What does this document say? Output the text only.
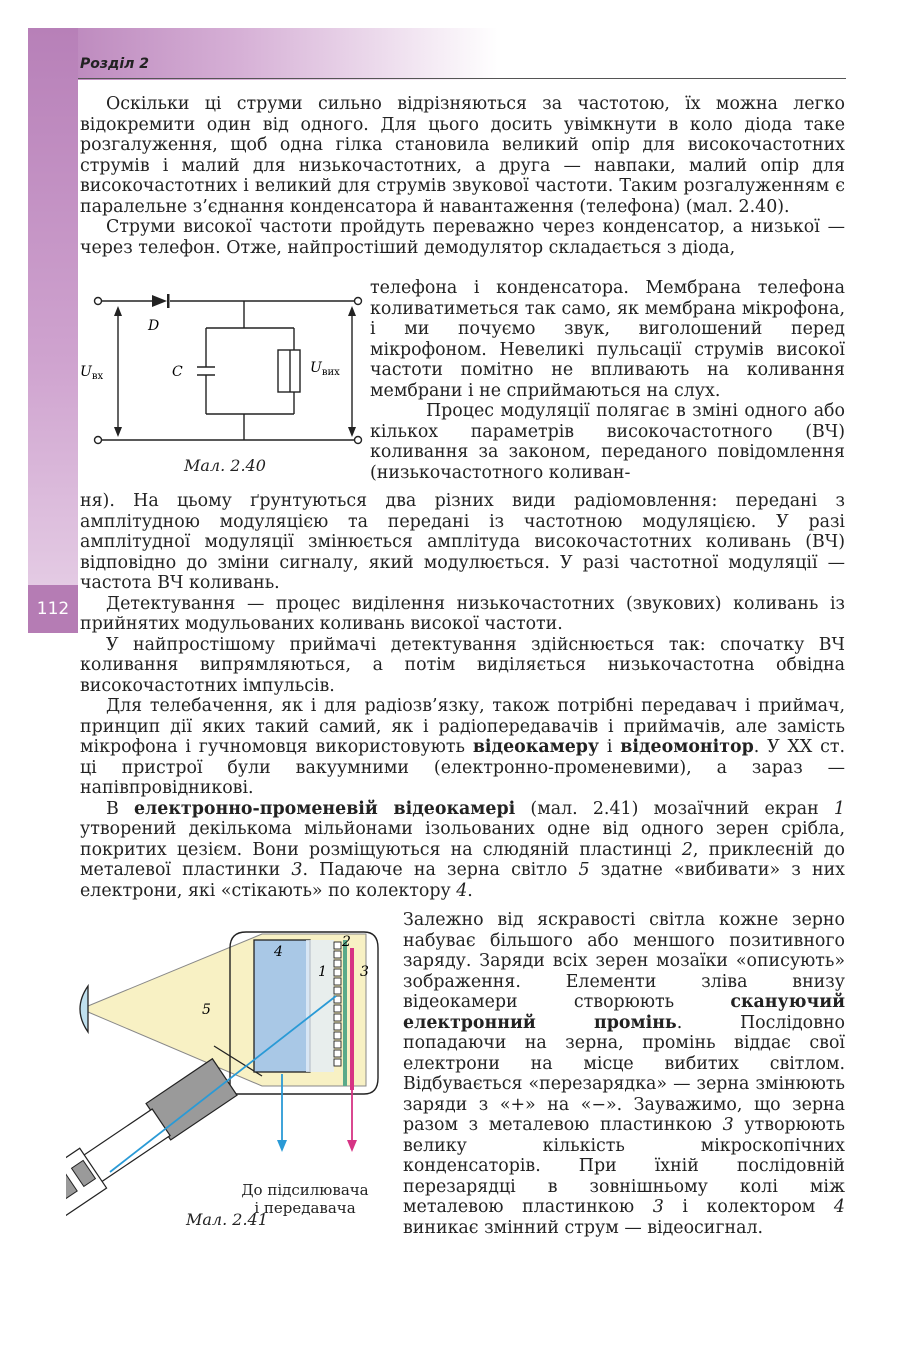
112
Розділ 2

Оскільки ці струми сильно відрізняються за частотою, їх можна легко відокремити один від одного. Для цього досить увімкнути в коло діода таке розгалуження, щоб одна гілка становила великий опір для високочастотних струмів і малий для низькочастотних, а друга — навпаки, малий опір для високочастотних і великий для струмів звукової частоти. Таким розгалуженням є паралельне з’єднання конденсатора й навантаження (телефона) (мал. 2.40).

Струми високої частоти пройдуть переважно через конденсатор, а низької — через телефон. Отже, найпростіший демодулятор складається з діода,

D
C
$U_{вх}$
$U_{вих}$
Мал. 2.40

телефона і конденсатора. Мембрана телефона коливатиметься так само, як мембрана мікрофона, і ми почуємо звук, виголошений перед мікрофоном. Невеликі пульсації струмів високої частоти помітно не впливають на коливання мембрани і не сприймаються на слух.

Процес модуляції полягає в зміні одного або кількох параметрів високочастотного (ВЧ) коливання за законом, переданого повідомлення (низькочастотного коливан-

ня). На цьому ґрунтуються два різних види радіомовлення: передані з амплітудною модуляцією та передані із частотною модуляцією. У разі амплітудної модуляції змінюється амплітуда високочастотних коливань (ВЧ) відповідно до зміни сигналу, який модулюється. У разі частотної модуляції — частота ВЧ коливань.

Детектування — процес виділення низькочастотних (звукових) коливань із прийнятих модульованих коливань високої частоти.

У найпростішому приймачі детектування здійснюється так: спочатку ВЧ коливання випрямляються, а потім виділяється низькочастотна обвідна високочастотних імпульсів.

Для телебачення, як і для радіозв’язку, також потрібні передавач і приймач, принцип дії яких такий самий, як і радіопередавачів і приймачів, але замість мікрофона і гучномовця використовують відеокамеру і відеомонітор. У ХХ ст. ці пристрої були вакуумними (електронно-променевими), а зараз — напівпровідникові.

В електронно-променевій відеокамері (мал. 2.41) мозаїчний екран 1 утворений декількома мільйонами ізольованих одне від одного зерен срібла, покритих цезієм. Вони розміщуються на слюдяній пластинці 2, приклеєній до металевої пластинки 3. Падаюче на зерна світло 5 здатне «вибивати» з них електрони, які «стікають» по колектору 4.

4
2
1 3
5
До підсилювача
і передавача
Мал. 2.41

Залежно від яскравості світла кожне зерно набуває більшого або меншого позитивного заряду. Заряди всіх зерен мозаїки «описують» зображення. Елементи зліва внизу відеокамери створюють скануючий електронний промінь. Послідовно попадаючи на зерна, промінь віддає свої електрони на місце вибитих світлом. Відбувається «перезарядка» — зерна змінюють заряди з «+» на «−». Зауважимо, що зерна разом з металевою пластинкою 3 утворюють велику кількість мікроскопічних конденсаторів. При їхній послідовній перезарядці в зовнішньому колі між металевою пластинкою 3 і колектором 4 виникає змінний струм — відеосигнал.
